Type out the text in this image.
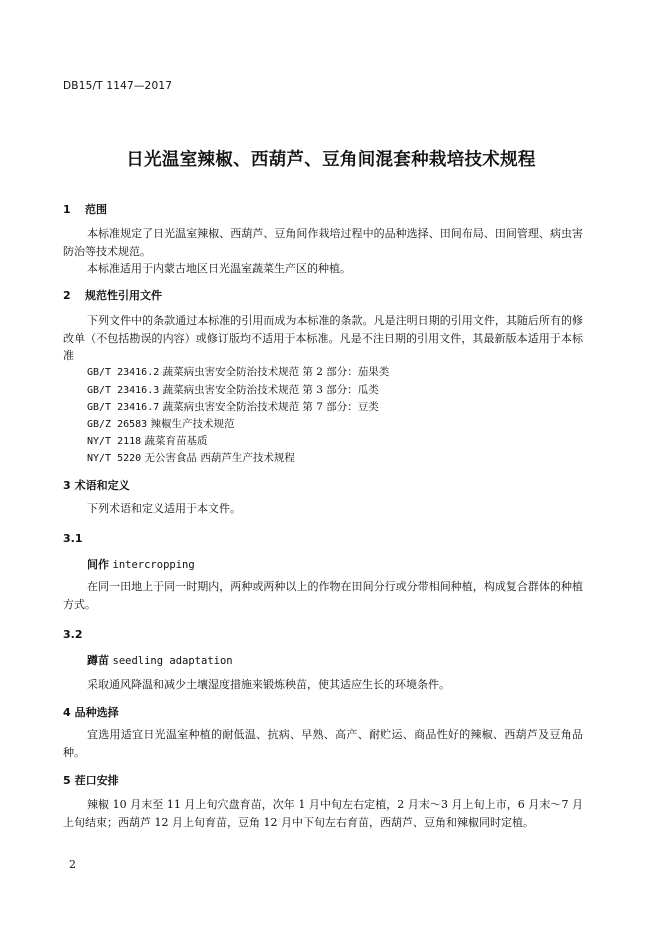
DB15/T 1147—2017
日光温室辣椒、西葫芦、豆角间混套种栽培技术规程
1 范围
本标准规定了日光温室辣椒、西葫芦、豆角间作栽培过程中的品种选择、田间布局、田间管理、病虫害防治等技术规范。
本标准适用于内蒙古地区日光温室蔬菜生产区的种植。
2 规范性引用文件
下列文件中的条款通过本标准的引用而成为本标准的条款。凡是注明日期的引用文件，其随后所有的修改单（不包括勘误的内容）或修订版均不适用于本标准。凡是不注日期的引用文件，其最新版本适用于本标准
GB/T 23416.2 蔬菜病虫害安全防治技术规范 第 2 部分：茄果类
GB/T 23416.3 蔬菜病虫害安全防治技术规范 第 3 部分：瓜类
GB/T 23416.7 蔬菜病虫害安全防治技术规范 第 7 部分：豆类
GB/Z 26583 辣椒生产技术规范
NY/T 2118 蔬菜育苗基质
NY/T 5220 无公害食品 西葫芦生产技术规程
3 术语和定义
下列术语和定义适用于本文件。
3.1
间作 intercropping
在同一田地上于同一时期内，两种或两种以上的作物在田间分行或分带相间种植，构成复合群体的种植方式。
3.2
蹲苗 seedling adaptation
采取通风降温和减少土壤湿度措施来锻炼秧苗，使其适应生长的环境条件。
4 品种选择
宜选用适宜日光温室种植的耐低温、抗病、早熟、高产、耐贮运、商品性好的辣椒、西葫芦及豆角品种。
5 茬口安排
辣椒 10 月末至 11 月上旬穴盘育苗，次年 1 月中旬左右定植，2 月末～3 月上旬上市，6 月末～7 月上旬结束；西葫芦 12 月上旬育苗，豆角 12 月中下旬左右育苗，西葫芦、豆角和辣椒同时定植。
2
